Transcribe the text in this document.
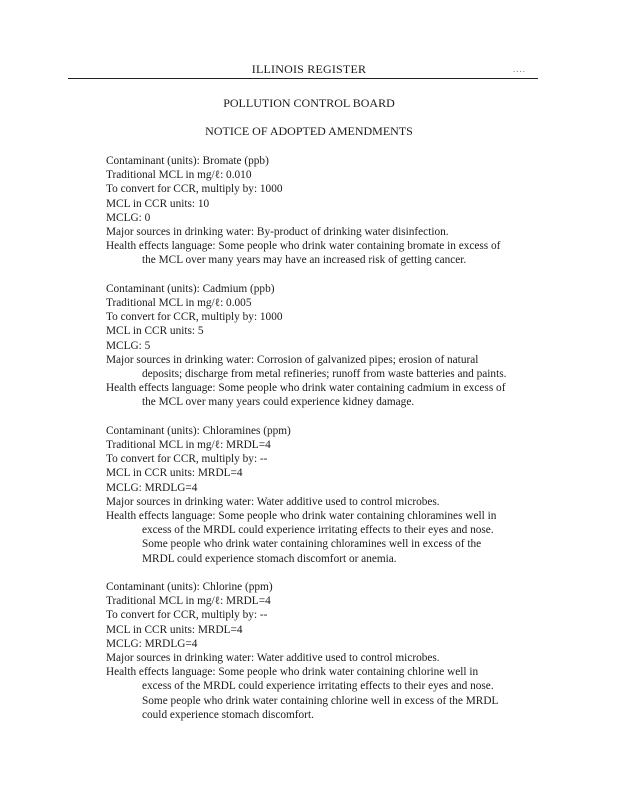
ILLINOIS REGISTER	....
POLLUTION CONTROL BOARD
NOTICE OF ADOPTED AMENDMENTS
Contaminant (units): Bromate (ppb)
Traditional MCL in mg/ℓ: 0.010
To convert for CCR, multiply by: 1000
MCL in CCR units: 10
MCLG: 0
Major sources in drinking water: By-product of drinking water disinfection.
Health effects language: Some people who drink water containing bromate in excess of
the MCL over many years may have an increased risk of getting cancer.
Contaminant (units): Cadmium (ppb)
Traditional MCL in mg/ℓ: 0.005
To convert for CCR, multiply by: 1000
MCL in CCR units: 5
MCLG: 5
Major sources in drinking water: Corrosion of galvanized pipes; erosion of natural
deposits; discharge from metal refineries; runoff from waste batteries and paints.
Health effects language: Some people who drink water containing cadmium in excess of
the MCL over many years could experience kidney damage.
Contaminant (units): Chloramines (ppm)
Traditional MCL in mg/ℓ: MRDL=4
To convert for CCR, multiply by: --
MCL in CCR units: MRDL=4
MCLG: MRDLG=4
Major sources in drinking water: Water additive used to control microbes.
Health effects language: Some people who drink water containing chloramines well in
excess of the MRDL could experience irritating effects to their eyes and nose.
Some people who drink water containing chloramines well in excess of the
MRDL could experience stomach discomfort or anemia.
Contaminant (units): Chlorine (ppm)
Traditional MCL in mg/ℓ: MRDL=4
To convert for CCR, multiply by: --
MCL in CCR units: MRDL=4
MCLG: MRDLG=4
Major sources in drinking water: Water additive used to control microbes.
Health effects language: Some people who drink water containing chlorine well in
excess of the MRDL could experience irritating effects to their eyes and nose.
Some people who drink water containing chlorine well in excess of the MRDL
could experience stomach discomfort.
